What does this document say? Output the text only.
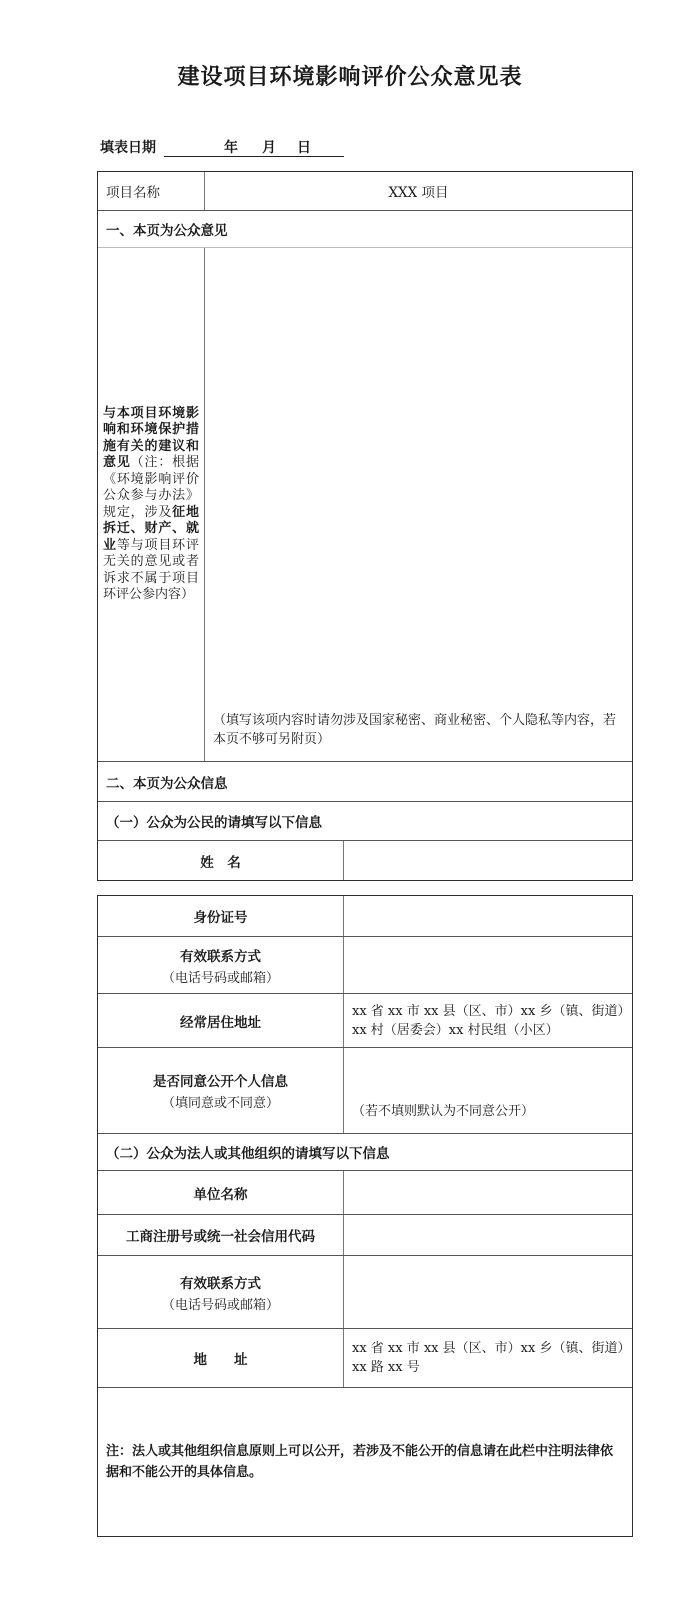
建设项目环境影响评价公众意见表
填表日期	年 月 日
项目名称	XXX 项目
一、本页为公众意见
与本项目环境影响和环境保护措施有关的建议和意见（注：根据《环境影响评价公众参与办法》规定，涉及征地拆迁、财产、就业等与项目环评无关的意见或者诉求不属于项目环评公参内容）
（填写该项内容时请勿涉及国家秘密、商业秘密、个人隐私等内容，若本页不够可另附页）
二、本页为公众信息
（一）公众为公民的请填写以下信息
姓　名
身份证号
有效联系方式
（电话号码或邮箱）
经常居住地址
xx 省 xx 市 xx 县（区、市）xx 乡（镇、街道）xx 村（居委会）xx 村民组（小区）
是否同意公开个人信息
（填同意或不同意）
（若不填则默认为不同意公开）
（二）公众为法人或其他组织的请填写以下信息
单位名称
工商注册号或统一社会信用代码
有效联系方式
（电话号码或邮箱）
地　　址
xx 省 xx 市 xx 县（区、市）xx 乡（镇、街道）xx 路 xx 号
注：法人或其他组织信息原则上可以公开，若涉及不能公开的信息请在此栏中注明法律依据和不能公开的具体信息。
